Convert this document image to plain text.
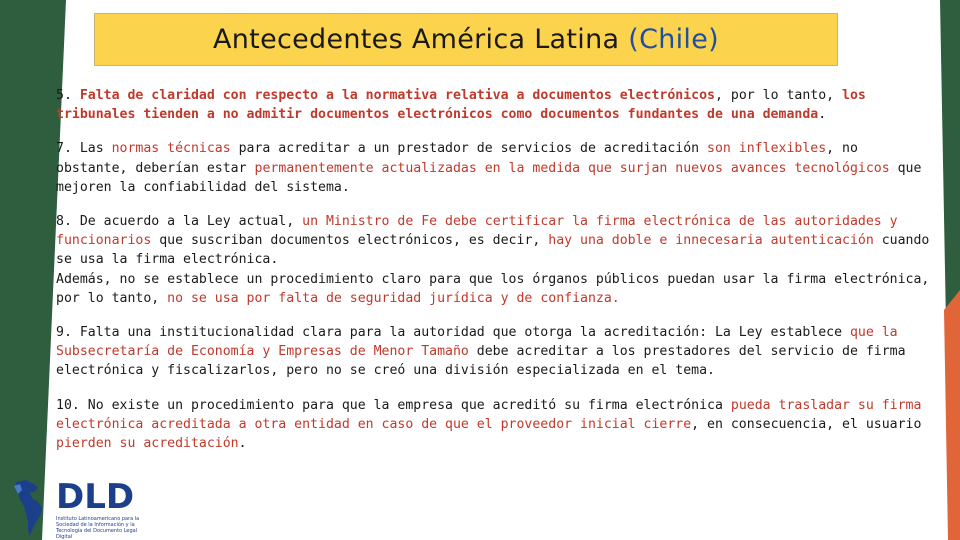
Antecedentes América Latina (Chile)

5. Falta de claridad con respecto a la normativa relativa a documentos electrónicos, por lo tanto, los tribunales tienden a no admitir documentos electrónicos como documentos fundantes de una demanda.

7. Las normas técnicas para acreditar a un prestador de servicios de acreditación son inflexibles, no obstante, deberían estar permanentemente actualizadas en la medida que surjan nuevos avances tecnológicos que mejoren la confiabilidad del sistema.

8. De acuerdo a la Ley actual, un Ministro de Fe debe certificar la firma electrónica de las autoridades y funcionarios que suscriban documentos electrónicos, es decir, hay una doble e innecesaria autenticación cuando se usa la firma electrónica.
Además, no se establece un procedimiento claro para que los órganos públicos puedan usar la firma electrónica, por lo tanto, no se usa por falta de seguridad jurídica y de confianza.

9. Falta una institucionalidad clara para la autoridad que otorga la acreditación: La Ley establece que la Subsecretaría de Economía y Empresas de Menor Tamaño debe acreditar a los prestadores del servicio de firma electrónica y fiscalizarlos, pero no se creó una división especializada en el tema.

10. No existe un procedimiento para que la empresa que acreditó su firma electrónica pueda trasladar su firma electrónica acreditada a otra entidad en caso de que el proveedor inicial cierre, en consecuencia, el usuario pierden su acreditación.

DLD
Instituto Latinoamericano para la Sociedad de la Información y la Tecnología del Documento Legal Digital
